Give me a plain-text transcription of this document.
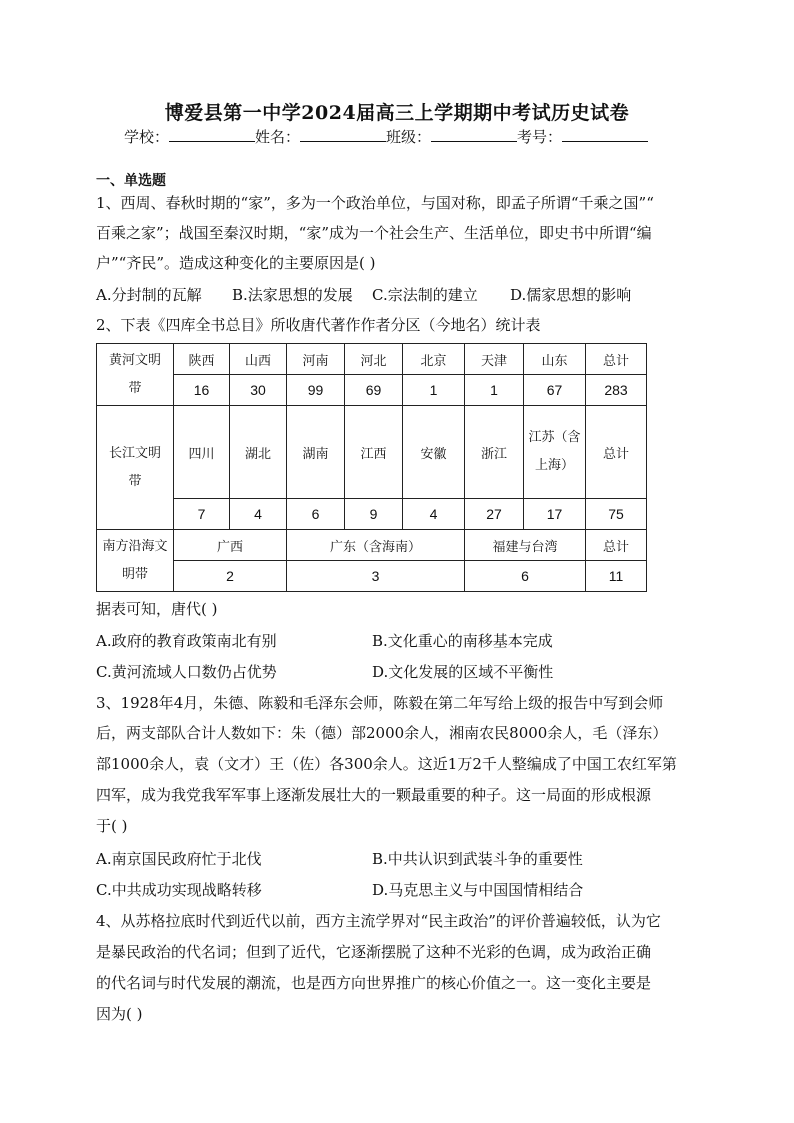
博爱县第一中学2024届高三上学期期中考试历史试卷
学校：	姓名：	班级：	考号：
一、单选题
1、西周、春秋时期的“家”，多为一个政治单位，与国对称，即孟子所谓“千乘之国”“
百乘之家”；战国至秦汉时期，“家”成为一个社会生产、生活单位，即史书中所谓“编
户”“齐民”。造成这种变化的主要原因是( )
A.分封制的瓦解 B.法家思想的发展 C.宗法制的建立 D.儒家思想的影响
2、下表《四库全书总目》所收唐代著作作者分区（今地名）统计表
黄河文明带	陕西	山西	河南	河北	北京	天津	山东	总计
	16	30	99	69	1	1	67	283

长江文明带	四川	湖北	湖南	江西	安徽	浙江	江苏（含上海）	总计
	7	4	6	9	4	27	17	75

南方沿海文明带	广西		广东（含海南）			福建与台湾		总计
	2		3			6		11
据表可知，唐代( )
A.政府的教育政策南北有别	B.文化重心的南移基本完成
C.黄河流域人口数仍占优势	D.文化发展的区域不平衡性
3、1928年4月，朱德、陈毅和毛泽东会师，陈毅在第二年写给上级的报告中写到会师
后，两支部队合计人数如下：朱（德）部2000余人，湘南农民8000余人，毛（泽东）
部1000余人，袁（文才）王（佐）各300余人。这近1万2千人整编成了中国工农红军第
四军，成为我党我军军事上逐渐发展壮大的一颗最重要的种子。这一局面的形成根源
于( )
A.南京国民政府忙于北伐	B.中共认识到武装斗争的重要性
C.中共成功实现战略转移	D.马克思主义与中国国情相结合
4、从苏格拉底时代到近代以前，西方主流学界对“民主政治”的评价普遍较低，认为它
是暴民政治的代名词；但到了近代，它逐渐摆脱了这种不光彩的色调，成为政治正确
的代名词与时代发展的潮流，也是西方向世界推广的核心价值之一。这一变化主要是
因为( )
